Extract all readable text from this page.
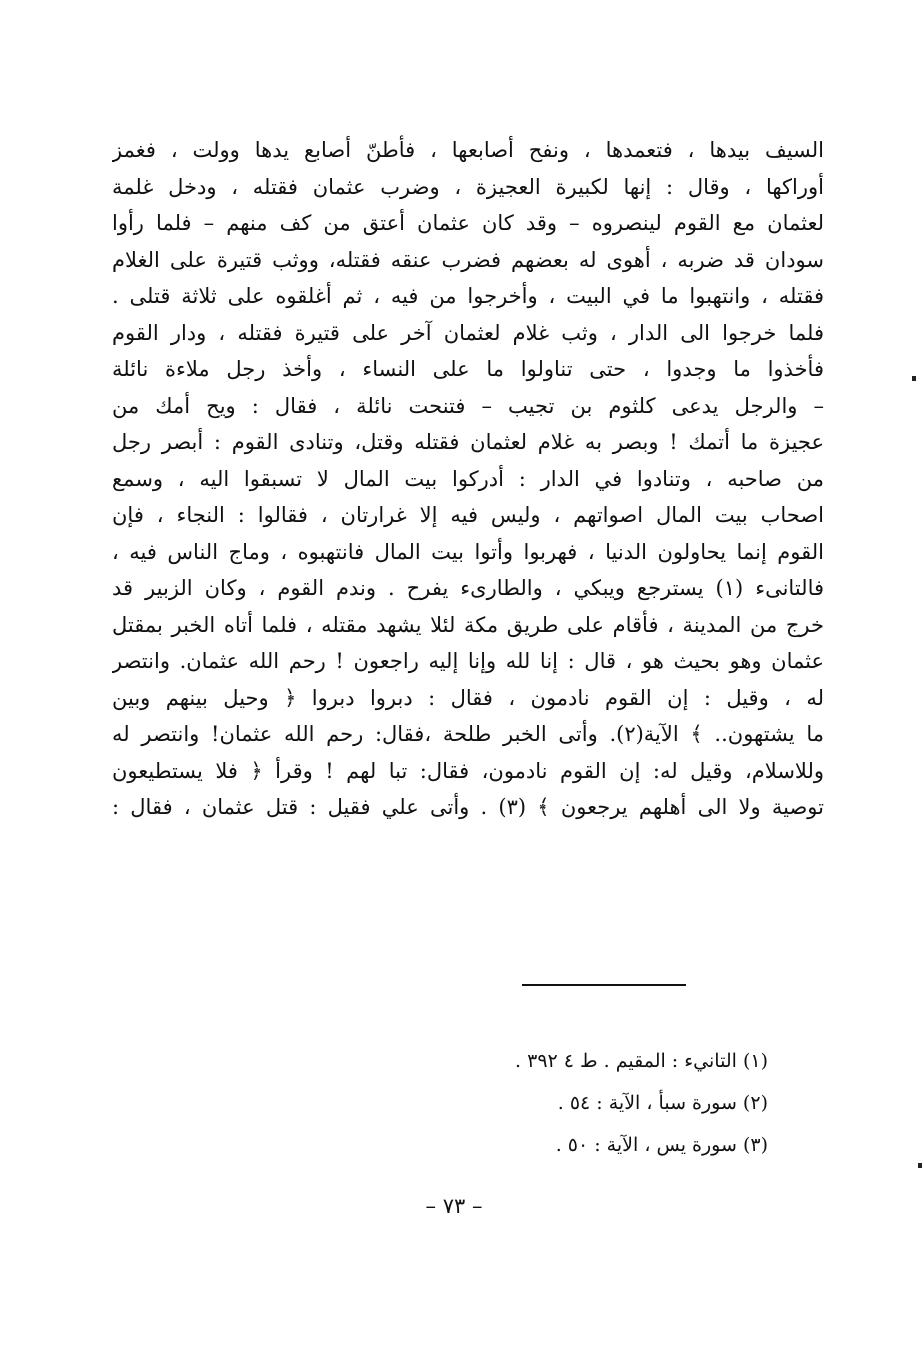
السيف بيدها ، فتعمدها ، ونفح أصابعها ، فأطنّ أصابع يدها وولت ، فغمز
أوراكها ، وقال : إنها لكبيرة العجيزة ، وضرب عثمان فقتله ، ودخل غلمة
لعثمان مع القوم لينصروه – وقد كان عثمان أعتق من كف منهم – فلما رأوا
سودان قد ضربه ، أهوى له بعضهم فضرب عنقه فقتله، ووثب قتيرة على الغلام
فقتله ، وانتهبوا ما في البيت ، وأخرجوا من فيه ، ثم أغلقوه على ثلاثة قتلى .
فلما خرجوا الى الدار ، وثب غلام لعثمان آخر على قتيرة فقتله ، ودار القوم
فأخذوا ما وجدوا ، حتى تناولوا ما على النساء ، وأخذ رجل ملاءة نائلة
– والرجل يدعى كلثوم بن تجيب – فتنحت نائلة ، فقال : ويح أمك من
عجيزة ما أتمك ! وبصر به غلام لعثمان فقتله وقتل، وتنادى القوم : أبصر رجل
من صاحبه ، وتنادوا في الدار : أدركوا بيت المال لا تسبقوا اليه ، وسمع
اصحاب بيت المال اصواتهم ، وليس فيه إلا غرارتان ، فقالوا : النجاء ، فإن
القوم إنما يحاولون الدنيا ، فهربوا وأتوا بيت المال فانتهبوه ، وماج الناس فيه ،
فالتانىء (١) يسترجع ويبكي ، والطارىء يفرح . وندم القوم ، وكان الزبير قد
خرج من المدينة ، فأقام على طريق مكة لئلا يشهد مقتله ، فلما أتاه الخبر بمقتل
عثمان وهو بحيث هو ، قال : إنا لله وإنا إليه راجعون ! رحم الله عثمان. وانتصر
له ، وقيل : إن القوم نادمون ، فقال : دبروا دبروا ﴿ وحيل بينهم وبين
ما يشتهون.. ﴾ الآية(٢). وأتى الخبر طلحة ،فقال: رحم الله عثمان! وانتصر له
وللاسلام، وقيل له: إن القوم نادمون، فقال: تبا لهم ! وقرأ ﴿ فلا يستطيعون
توصية ولا الى أهلهم يرجعون ﴾ (٣) . وأتى علي فقيل : قتل عثمان ، فقال :
(١) التانيء : المقيم . ط ٤ ٣٩٢ .
(٢) سورة سبأ ، الآية : ٥٤ .
(٣) سورة يس ، الآية : ٥٠ .
– ٧٣ –
